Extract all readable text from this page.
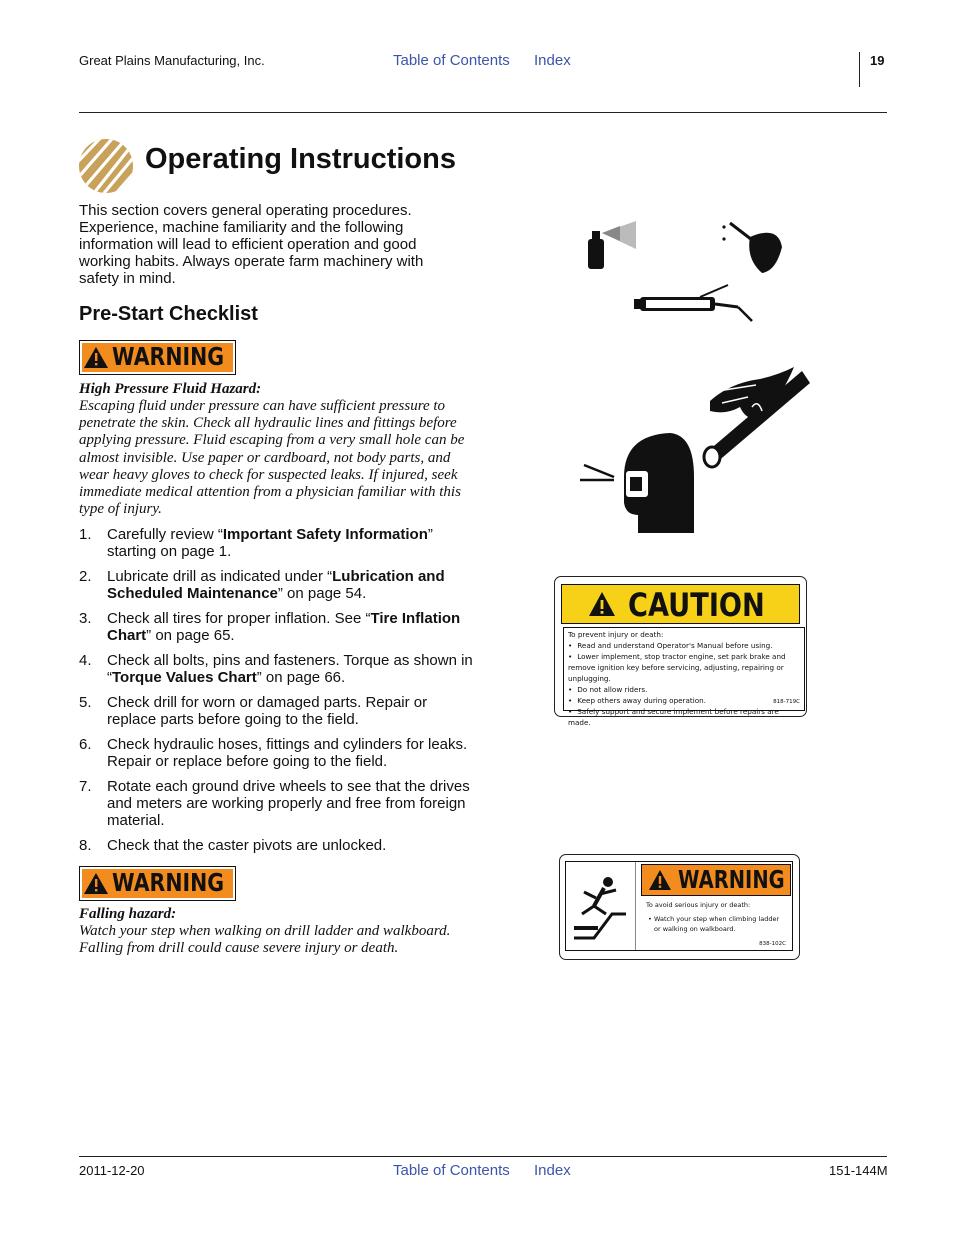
Great Plains Manufacturing, Inc.	Table of Contents Index	19
Operating Instructions
This section covers general operating procedures. Experience, machine familiarity and the following information will lead to efficient operation and good working habits. Always operate farm machinery with safety in mind.
Pre-Start Checklist
WARNING
High Pressure Fluid Hazard:
Escaping fluid under pressure can have sufficient pressure to penetrate the skin. Check all hydraulic lines and fittings before applying pressure. Fluid escaping from a very small hole can be almost invisible. Use paper or cardboard, not body parts, and wear heavy gloves to check for suspected leaks. If injured, seek immediate medical attention from a physician familiar with this type of injury.
1. Carefully review “Important Safety Information” starting on page 1.
2. Lubricate drill as indicated under “Lubrication and Scheduled Maintenance” on page 54.
3. Check all tires for proper inflation. See “Tire Inflation Chart” on page 65.
4. Check all bolts, pins and fasteners. Torque as shown in “Torque Values Chart” on page 66.
5. Check drill for worn or damaged parts. Repair or replace parts before going to the field.
6. Check hydraulic hoses, fittings and cylinders for leaks. Repair or replace before going to the field.
7. Rotate each ground drive wheels to see that the drives and meters are working properly and free from foreign material.
8. Check that the caster pivots are unlocked.
WARNING
Falling hazard:
Watch your step when walking on drill ladder and walkboard. Falling from drill could cause severe injury or death.
CAUTION
To prevent injury or death:
• Read and understand Operator's Manual before using.
• Lower implement, stop tractor engine, set park brake and remove ignition key before servicing, adjusting, repairing or unplugging.
• Do not allow riders.
• Keep others away during operation.
• Safely support and secure implement before repairs are made.
818-719C
WARNING
To avoid serious injury or death:
• Watch your step when climbing ladder or walking on walkboard.
838-102C
2011-12-20	Table of Contents Index	151-144M
